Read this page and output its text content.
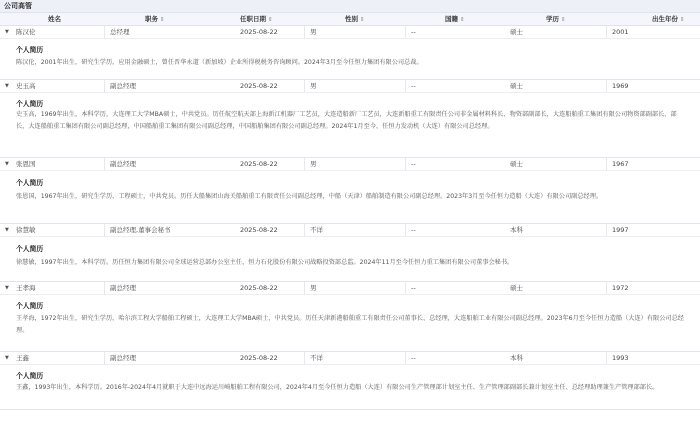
公司高管
姓名	职务 ⇕	任职日期 ⇕	性别 ⇕	国籍 ⇕	学历 ⇕	出生年份 ⇕
▼ 陈汉伦	总经理	2025-08-22	男	--	硕士	2001
个人简历
陈汉伦，2001年出生，研究生学历，应用金融硕士，曾任晋华永道（新加坡）企业所得税税务咨询顾问。2024年3月至今任恒力集团有限公司总裁。
▼ 史玉高	副总经理	2025-08-22	男	--	硕士	1969
个人简历
史玉高，1969年出生，本科学历，大连理工大学MBA硕士，中共党员。历任航空航天部上海新江机器厂工艺员，大连造船新厂工艺员，大连新船重工有限责任公司非金属材料科长、物资部副部长，大连船舶重工集团有限公司物资部副部长、部长，大连船舶重工集团有限公司副总经理，中国船舶重工集团有限公司副总经理，中国船舶集团有限公司副总经理。2024年1月至今，任恒力发动机（大连）有限公司总经理。
▼ 张恩国	副总经理	2025-08-22	男	--	硕士	1967
个人简历
张恩国，1967年出生，研究生学历，工程硕士，中共党员。历任大船集团山海关船舶重工有限责任公司副总经理，中船（天津）船舶制造有限公司副总经理。2023年3月至今任恒力造船（大连）有限公司副总经理。
▼ 徐慧敏	副总经理,董事会秘书	2025-08-22	不详	--	本科	1997
个人简历
徐慧敏，1997年出生，本科学历。历任恒力集团有限公司全球运营总部办公室主任，恒力石化股份有限公司战略投资部总监。2024年11月至今任恒力重工集团有限公司董事会秘书。
▼ 王孝海	副总经理	2025-08-22	男	--	硕士	1972
个人简历
王孝海，1972年出生，研究生学历，哈尔滨工程大学船舶工程硕士，大连理工大学MBA硕士，中共党员。历任天津新港船舶重工有限责任公司董事长、总经理，大连船舶工业有限公司副总经理。2023年6月至今任恒力造船（大连）有限公司总经理。
▼ 王鑫	副总经理	2025-08-22	不详	--	本科	1993
个人简历
王鑫，1993年出生，本科学历。2016年-2024年4月就职于大连中远海运川崎船舶工程有限公司，2024年4月至今任恒力造船（大连）有限公司生产管理部计划室主任、生产管理部副部长兼计划室主任、总经理助理兼生产管理部部长。
